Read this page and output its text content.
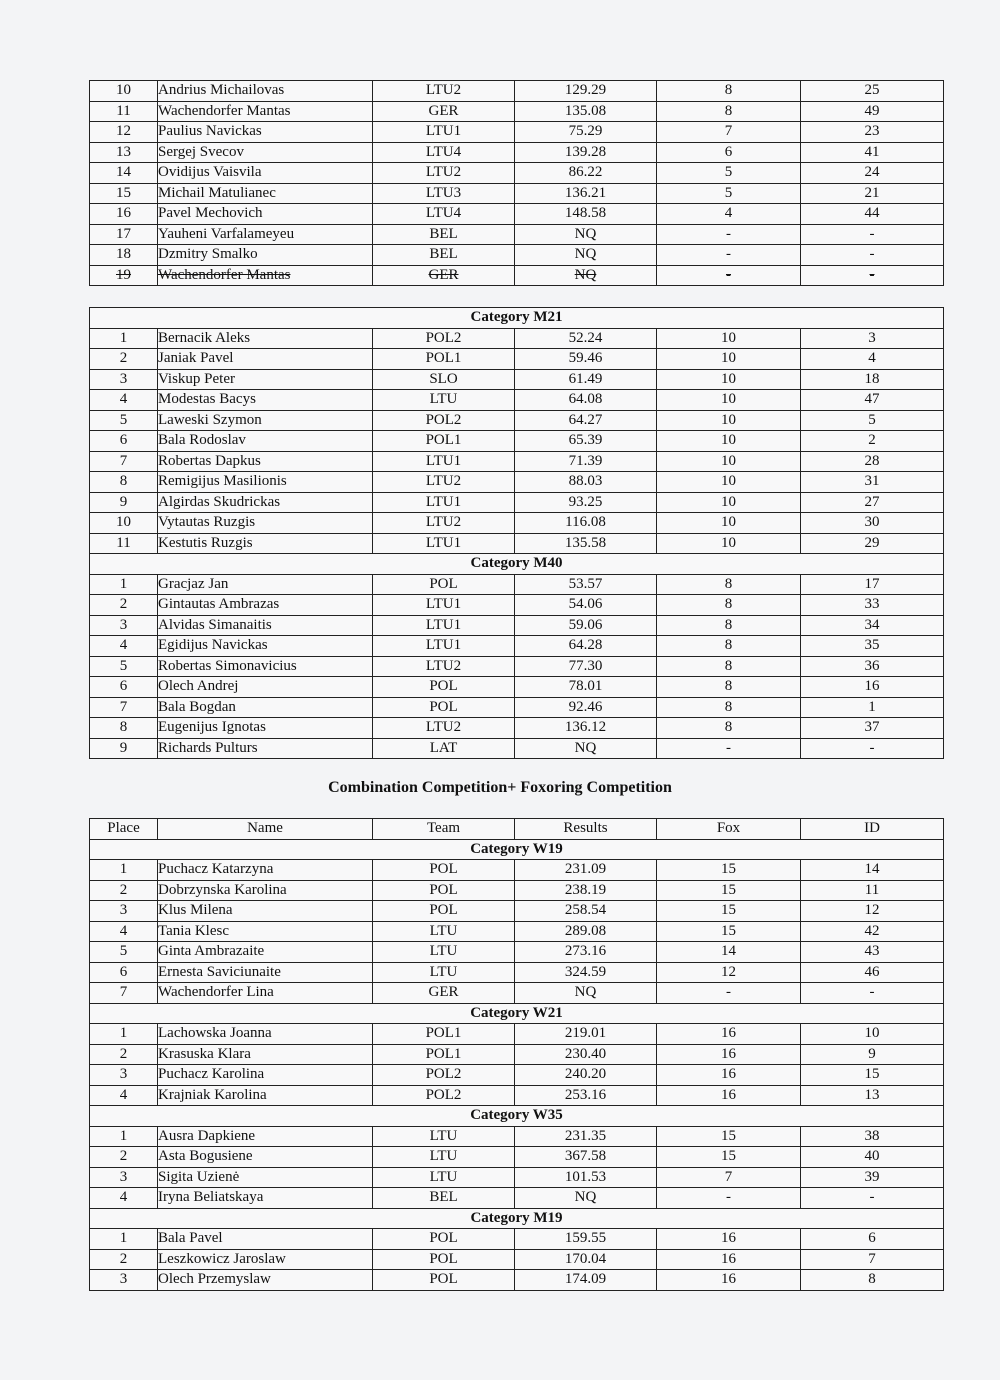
10	Andrius Michailovas	LTU2	129.29	8	25
11	Wachendorfer Mantas	GER	135.08	8	49
12	Paulius Navickas	LTU1	75.29	7	23
13	Sergej Svecov	LTU4	139.28	6	41
14	Ovidijus Vaisvila	LTU2	86.22	5	24
15	Michail Matulianec	LTU3	136.21	5	21
16	Pavel Mechovich	LTU4	148.58	4	44
17	Yauheni Varfalameyeu	BEL	NQ	-	-
18	Dzmitry Smalko	BEL	NQ	-	-
19	Wachendorfer Mantas	GER	NQ	-	-
Category M21					
1	Bernacik Aleks	POL2	52.24	10	3
2	Janiak Pavel	POL1	59.46	10	4
3	Viskup Peter	SLO	61.49	10	18
4	Modestas Bacys	LTU	64.08	10	47
5	Laweski Szymon	POL2	64.27	10	5
6	Bala Rodoslav	POL1	65.39	10	2
7	Robertas Dapkus	LTU1	71.39	10	28
8	Remigijus Masilionis	LTU2	88.03	10	31
9	Algirdas Skudrickas	LTU1	93.25	10	27
10	Vytautas Ruzgis	LTU2	116.08	10	30
11	Kestutis Ruzgis	LTU1	135.58	10	29
Category M40					
1	Gracjaz Jan	POL	53.57	8	17
2	Gintautas Ambrazas	LTU1	54.06	8	33
3	Alvidas Simanaitis	LTU1	59.06	8	34
4	Egidijus Navickas	LTU1	64.28	8	35
5	Robertas Simonavicius	LTU2	77.30	8	36
6	Olech Andrej	POL	78.01	8	16
7	Bala Bogdan	POL	92.46	8	1
8	Eugenijus Ignotas	LTU2	136.12	8	37
9	Richards Pulturs	LAT	NQ	-	-
Combination Competition+ Foxoring Competition
Place	Name	Team	Results	Fox	ID
Category W19					
1	Puchacz Katarzyna	POL	231.09	15	14
2	Dobrzynska Karolina	POL	238.19	15	11
3	Klus Milena	POL	258.54	15	12
4	Tania Klesc	LTU	289.08	15	42
5	Ginta Ambrazaite	LTU	273.16	14	43
6	Ernesta Saviciunaite	LTU	324.59	12	46
7	Wachendorfer Lina	GER	NQ	-	-
Category W21					
1	Lachowska Joanna	POL1	219.01	16	10
2	Krasuska Klara	POL1	230.40	16	9
3	Puchacz Karolina	POL2	240.20	16	15
4	Krajniak Karolina	POL2	253.16	16	13
Category W35					
1	Ausra Dapkiene	LTU	231.35	15	38
2	Asta Bogusiene	LTU	367.58	15	40
3	Sigita Uzienė	LTU	101.53	7	39
4	Iryna Beliatskaya	BEL	NQ	-	-
Category M19					
1	Bala Pavel	POL	159.55	16	6
2	Leszkowicz Jaroslaw	POL	170.04	16	7
3	Olech Przemyslaw	POL	174.09	16	8
